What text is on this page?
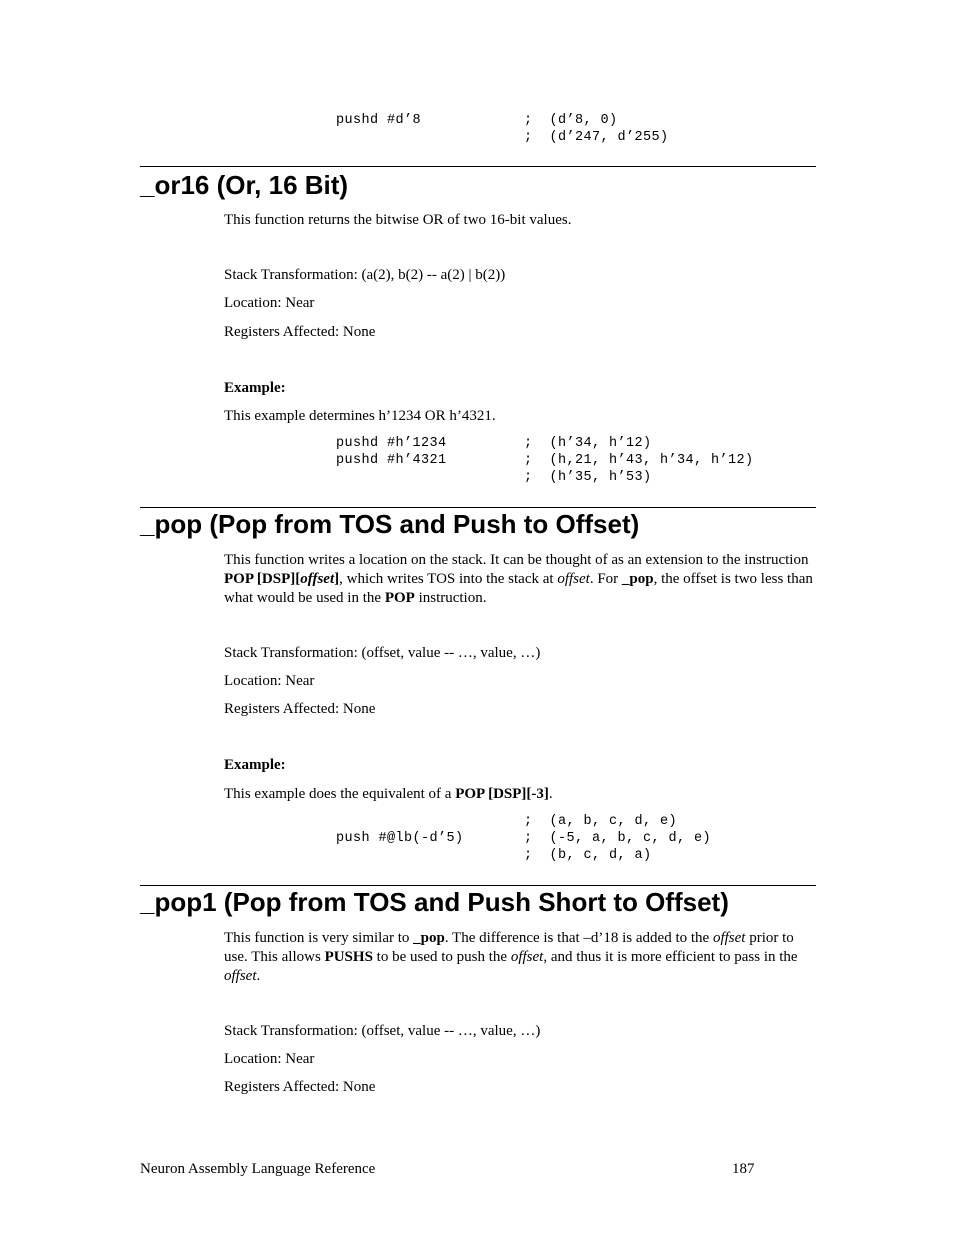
pushd #d’8	;  (d’8, 0)
;  (d’247, d’255)
_or16 (Or, 16 Bit)
This function returns the bitwise OR of two 16-bit values.
Stack Transformation: (a(2), b(2) -- a(2) | b(2))
Location: Near
Registers Affected: None
Example:
This example determines h’1234 OR h’4321.
pushd #h’1234	;  (h’34, h’12)
pushd #h’4321	;  (h,21, h’43, h’34, h’12)
;  (h’35, h’53)
_pop (Pop from TOS and Push to Offset)
This function writes a location on the stack. It can be thought of as an extension to the instruction POP [DSP][offset], which writes TOS into the stack at offset. For _pop, the offset is two less than what would be used in the POP instruction.
Stack Transformation: (offset, value -- …, value, …)
Location: Near
Registers Affected: None
Example:
This example does the equivalent of a POP [DSP][-3].
;  (a, b, c, d, e)
push #@lb(-d’5)	;  (-5, a, b, c, d, e)
;  (b, c, d, a)
_pop1 (Pop from TOS and Push Short to Offset)
This function is very similar to _pop. The difference is that –d’18 is added to the offset prior to use. This allows PUSHS to be used to push the offset, and thus it is more efficient to pass in the offset.
Stack Transformation: (offset, value -- …, value, …)
Location: Near
Registers Affected: None
Neuron Assembly Language Reference	187
